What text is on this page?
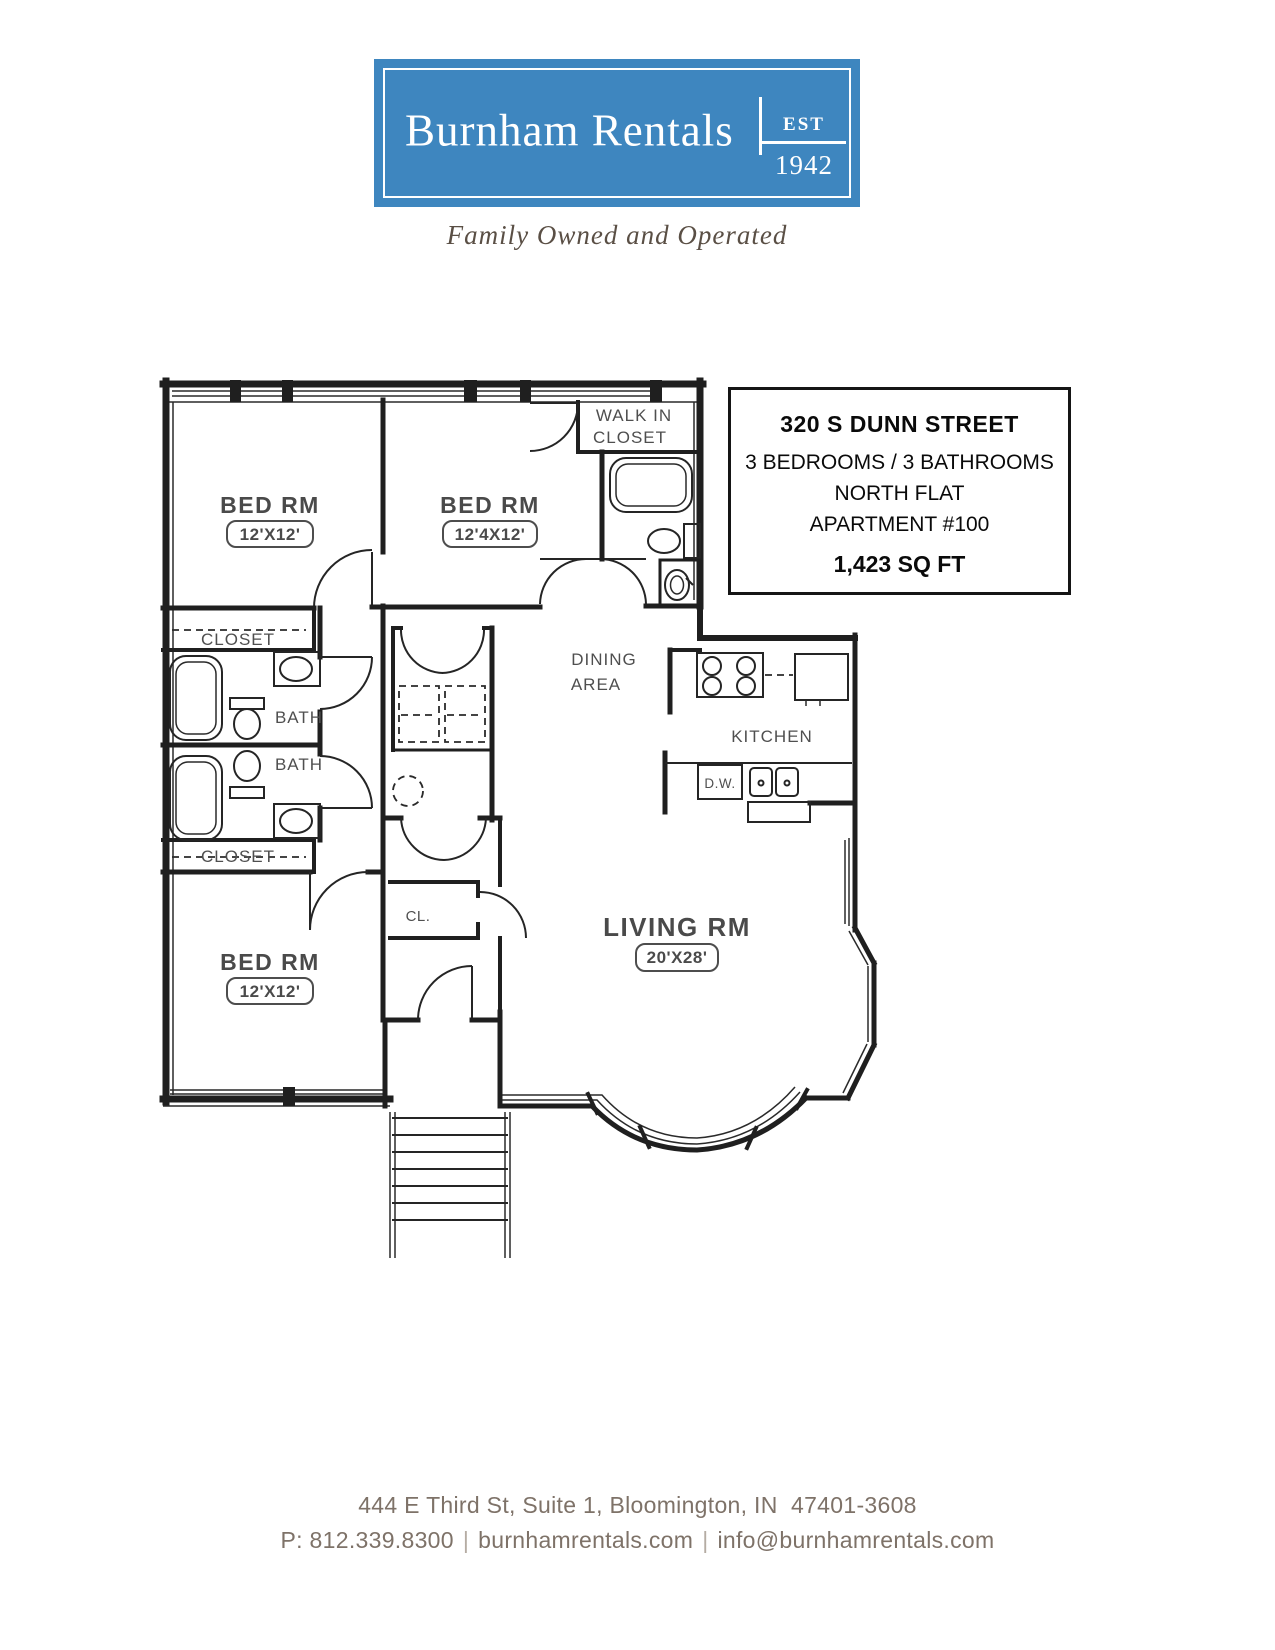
Burnham Rentals	EST
1942
Family Owned and Operated
320 S DUNN STREET
3 BEDROOMS / 3 BATHROOMS
NORTH FLAT
APARTMENT #100
1,423 SQ FT
BED RM
12'X12'
BED RM
12'4X12'
BED RM
12'X12'
LIVING RM
20'X28'
WALK IN
CLOSET
CLOSET
CLOSET
BATH
BATH
DINING
AREA
KITCHEN
CL.
D.W.
444 E Third St, Suite 1, Bloomington, IN  47401-3608
P: 812.339.8300 | burnhamrentals.com | info@burnhamrentals.com
